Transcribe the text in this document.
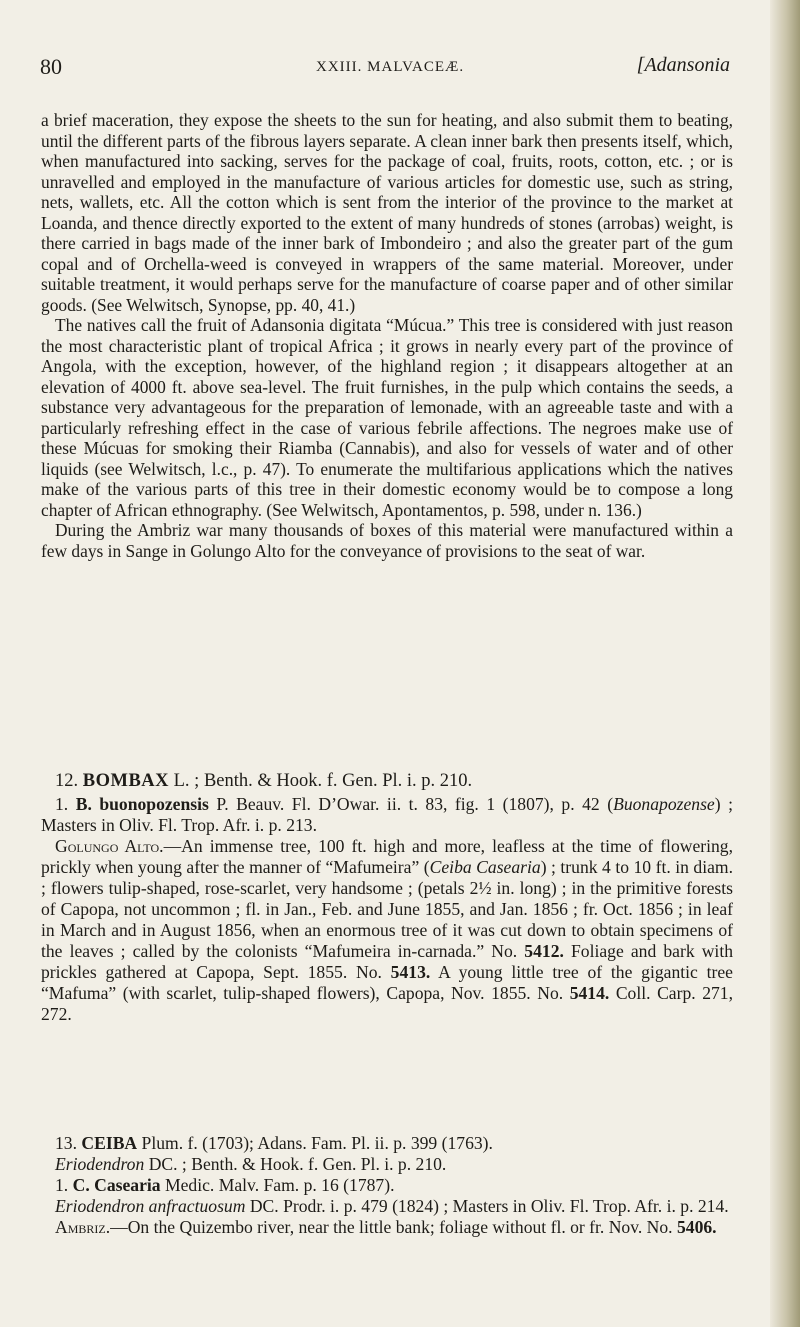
80	XXIII. MALVACEÆ.	[Adansonia

a brief maceration, they expose the sheets to the sun for heating, and also submit them to beating, until the different parts of the fibrous layers separate. A clean inner bark then presents itself, which, when manufactured into sacking, serves for the package of coal, fruits, roots, cotton, etc. ; or is unravelled and employed in the manufacture of various articles for domestic use, such as string, nets, wallets, etc. All the cotton which is sent from the interior of the province to the market at Loanda, and thence directly exported to the extent of many hundreds of stones (arrobas) weight, is there carried in bags made of the inner bark of Imbondeiro ; and also the greater part of the gum copal and of Orchella-weed is conveyed in wrappers of the same material. Moreover, under suitable treatment, it would perhaps serve for the manufacture of coarse paper and of other similar goods. (See Welwitsch, Synopse, pp. 40, 41.)

The natives call the fruit of Adansonia digitata “Múcua.” This tree is considered with just reason the most characteristic plant of tropical Africa ; it grows in nearly every part of the province of Angola, with the exception, however, of the highland region ; it disappears altogether at an elevation of 4000 ft. above sea-level. The fruit furnishes, in the pulp which contains the seeds, a substance very advantageous for the preparation of lemonade, with an agreeable taste and with a particularly refreshing effect in the case of various febrile affections. The negroes make use of these Múcuas for smoking their Riamba (Cannabis), and also for vessels of water and of other liquids (see Welwitsch, l.c., p. 47). To enumerate the multifarious applications which the natives make of the various parts of this tree in their domestic economy would be to compose a long chapter of African ethnography. (See Welwitsch, Apontamentos, p. 598, under n. 136.)

During the Ambriz war many thousands of boxes of this material were manufactured within a few days in Sange in Golungo Alto for the conveyance of provisions to the seat of war.

12. BOMBAX L. ; Benth. & Hook. f. Gen. Pl. i. p. 210.

1. B. buonopozensis P. Beauv. Fl. D’Owar. ii. t. 83, fig. 1 (1807), p. 42 (Buonapozense) ; Masters in Oliv. Fl. Trop. Afr. i. p. 213.

Golungo Alto.—An immense tree, 100 ft. high and more, leafless at the time of flowering, prickly when young after the manner of “Mafumeira” (Ceiba Casearia) ; trunk 4 to 10 ft. in diam. ; flowers tulip-shaped, rose-scarlet, very handsome ; (petals 2½ in. long) ; in the primitive forests of Capopa, not uncommon ; fl. in Jan., Feb. and June 1855, and Jan. 1856 ; fr. Oct. 1856 ; in leaf in March and in August 1856, when an enormous tree of it was cut down to obtain specimens of the leaves ; called by the colonists “Mafumeira in-carnada.” No. 5412. Foliage and bark with prickles gathered at Capopa, Sept. 1855. No. 5413. A young little tree of the gigantic tree “Mafuma” (with scarlet, tulip-shaped flowers), Capopa, Nov. 1855. No. 5414. Coll. Carp. 271, 272.

13. CEIBA Plum. f. (1703); Adans. Fam. Pl. ii. p. 399 (1763).

Eriodendron DC. ; Benth. & Hook. f. Gen. Pl. i. p. 210.

1. C. Casearia Medic. Malv. Fam. p. 16 (1787).

Eriodendron anfractuosum DC. Prodr. i. p. 479 (1824) ; Masters in Oliv. Fl. Trop. Afr. i. p. 214.

Ambriz.—On the Quizembo river, near the little bank; foliage without fl. or fr. Nov. No. 5406.
